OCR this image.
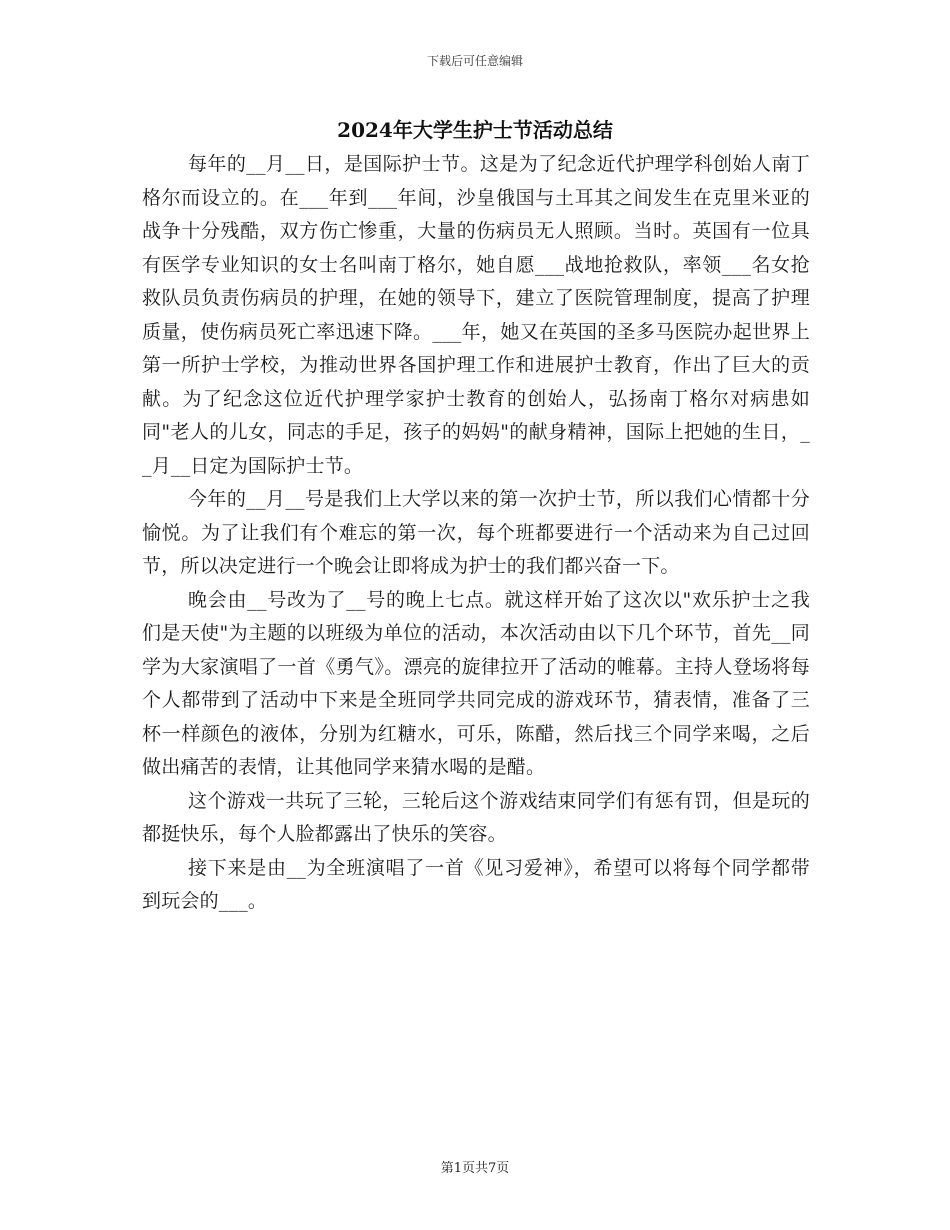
下载后可任意编辑
2024年大学生护士节活动总结

每年的__月__日，是国际护士节。这是为了纪念近代护理学科创始人南丁格尔而设立的。在___年到___年间，沙皇俄国与土耳其之间发生在克里米亚的战争十分残酷，双方伤亡惨重，大量的伤病员无人照顾。当时。英国有一位具有医学专业知识的女士名叫南丁格尔，她自愿___战地抢救队，率领___名女抢救队员负责伤病员的护理，在她的领导下，建立了医院管理制度，提高了护理质量，使伤病员死亡率迅速下降。___年，她又在英国的圣多马医院办起世界上第一所护士学校，为推动世界各国护理工作和进展护士教育，作出了巨大的贡献。为了纪念这位近代护理学家护士教育的创始人，弘扬南丁格尔对病患如同"老人的儿女，同志的手足，孩子的妈妈"的献身精神，国际上把她的生日，__月__日定为国际护士节。

今年的__月__号是我们上大学以来的第一次护士节，所以我们心情都十分愉悦。为了让我们有个难忘的第一次，每个班都要进行一个活动来为自己过回节，所以决定进行一个晚会让即将成为护士的我们都兴奋一下。

晚会由__号改为了__号的晚上七点。就这样开始了这次以"欢乐护士之我们是天使"为主题的以班级为单位的活动，本次活动由以下几个环节，首先__同学为大家演唱了一首《勇气》。漂亮的旋律拉开了活动的帷幕。主持人登场将每个人都带到了活动中下来是全班同学共同完成的游戏环节，猜表情，准备了三杯一样颜色的液体，分别为红糖水，可乐，陈醋，然后找三个同学来喝，之后做出痛苦的表情，让其他同学来猜水喝的是醋。

这个游戏一共玩了三轮，三轮后这个游戏结束同学们有惩有罚，但是玩的都挺快乐，每个人脸都露出了快乐的笑容。

接下来是由__为全班演唱了一首《见习爱神》，希望可以将每个同学都带到玩会的___。

第1页共7页
